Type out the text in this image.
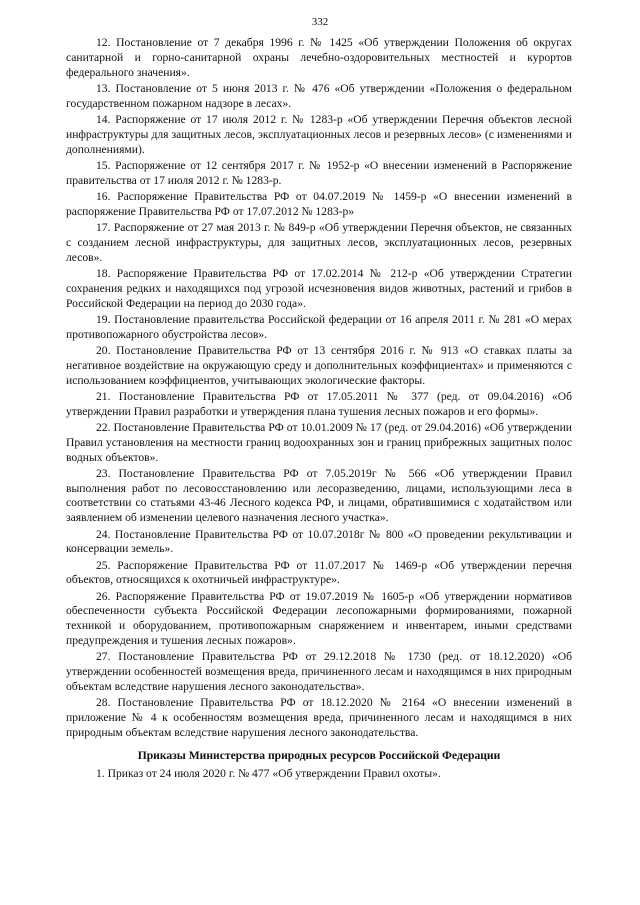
332

12. Постановление от 7 декабря 1996 г. № 1425 «Об утверждении Положения об округах санитарной и горно-санитарной охраны лечебно-оздоровительных местностей и курортов федерального значения».

13. Постановление от 5 июня 2013 г. № 476 «Об утверждении «Положения о федеральном государственном пожарном надзоре в лесах».

14. Распоряжение от 17 июля 2012 г. № 1283-р «Об утверждении Перечня объектов лесной инфраструктуры для защитных лесов, эксплуатационных лесов и резервных лесов» (с изменениями и дополнениями).

15. Распоряжение от 12 сентября 2017 г. № 1952-р «О внесении изменений в Распоряжение правительства от 17 июля 2012 г. № 1283-р.

16. Распоряжение Правительства РФ от 04.07.2019 № 1459-р «О внесении изменений в распоряжение Правительства РФ от 17.07.2012 № 1283-р»

17. Распоряжение от 27 мая 2013 г. № 849-р «Об утверждении Перечня объектов, не связанных с созданием лесной инфраструктуры, для защитных лесов, эксплуатационных лесов, резервных лесов».

18. Распоряжение Правительства РФ от 17.02.2014 № 212-р «Об утверждении Стратегии сохранения редких и находящихся под угрозой исчезновения видов животных, растений и грибов в Российской Федерации на период до 2030 года».

19. Постановление правительства Российской федерации от 16 апреля 2011 г. № 281 «О мерах противопожарного обустройства лесов».

20. Постановление Правительства РФ от 13 сентября 2016 г. № 913 «О ставках платы за негативное воздействие на окружающую среду и дополнительных коэффициентах» и применяются с использованием коэффициентов, учитывающих экологические факторы.

21. Постановление Правительства РФ от 17.05.2011 № 377 (ред. от 09.04.2016) «Об утверждении Правил разработки и утверждения плана тушения лесных пожаров и его формы».

22. Постановление Правительства РФ от 10.01.2009 № 17 (ред. от 29.04.2016) «Об утверждении Правил установления на местности границ водоохранных зон и границ прибрежных защитных полос водных объектов».

23. Постановление Правительства РФ от 7.05.2019г № 566 «Об утверждении Правил выполнения работ по лесовосстановлению или лесоразведению, лицами, использующими леса в соответствии со статьями 43-46 Лесного кодекса РФ, и лицами, обратившимися с ходатайством или заявлением об изменении целевого назначения лесного участка».

24. Постановление Правительства РФ от 10.07.2018г № 800 «О проведении рекультивации и консервации земель».

25. Распоряжение Правительства РФ от 11.07.2017 № 1469-р «Об утверждении перечня объектов, относящихся к охотничьей инфраструктуре».

26. Распоряжение Правительства РФ от 19.07.2019 № 1605-р «Об утверждении нормативов обеспеченности субъекта Российской Федерации лесопожарными формированиями, пожарной техникой и оборудованием, противопожарным снаряжением и инвентарем, иными средствами предупреждения и тушения лесных пожаров».

27. Постановление Правительства РФ от 29.12.2018 № 1730 (ред. от 18.12.2020) «Об утверждении особенностей возмещения вреда, причиненного лесам и находящимся в них природным объектам вследствие нарушения лесного законодательства».

28. Постановление Правительства РФ от 18.12.2020 № 2164 «О внесении изменений в приложение № 4 к особенностям возмещения вреда, причиненного лесам и находящимся в них природным объектам вследствие нарушения лесного законодательства.

Приказы Министерства природных ресурсов Российской Федерации

1. Приказ от 24 июля 2020 г. № 477 «Об утверждении Правил охоты».
